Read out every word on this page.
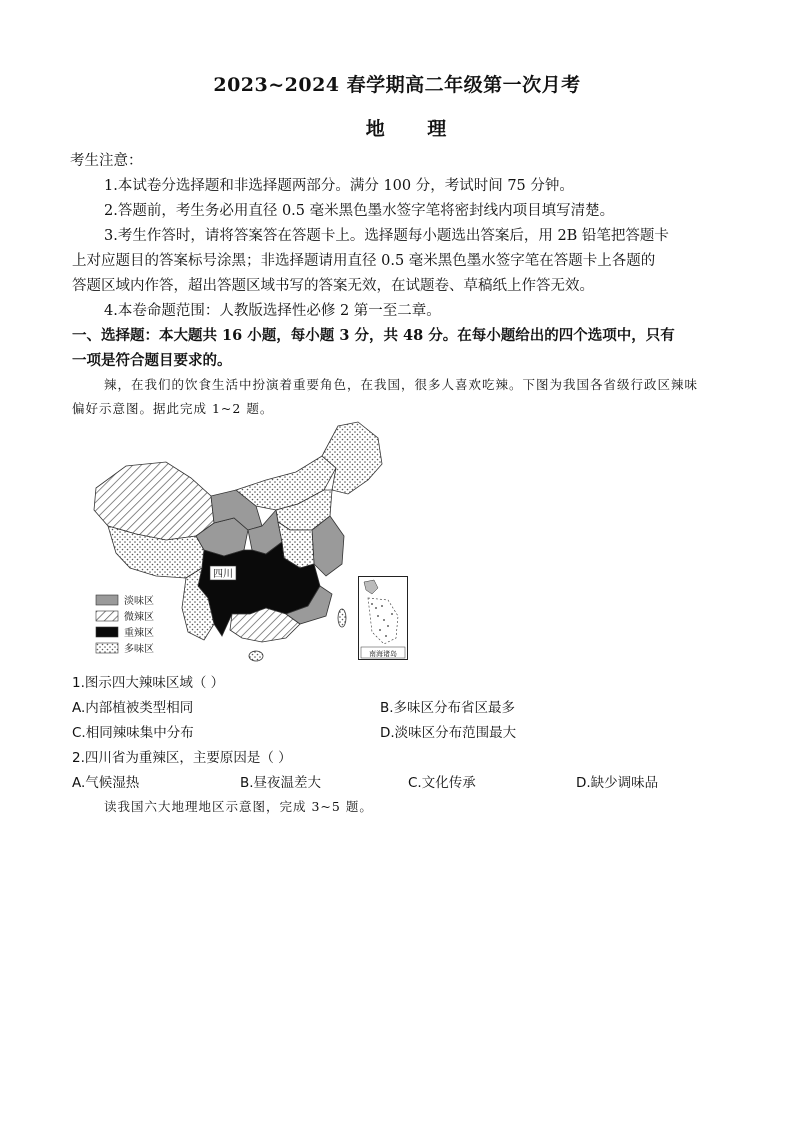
2023~2024 春学期高二年级第一次月考
地 理
考生注意：
1.本试卷分选择题和非选择题两部分。满分 100 分，考试时间 75 分钟。
2.答题前，考生务必用直径 0.5 毫米黑色墨水签字笔将密封线内项目填写清楚。
3.考生作答时，请将答案答在答题卡上。选择题每小题选出答案后，用 2B 铅笔把答题卡
上对应题目的答案标号涂黑；非选择题请用直径 0.5 毫米黑色墨水签字笔在答题卡上各题的
答题区域内作答，超出答题区域书写的答案无效，在试题卷、草稿纸上作答无效。
4.本卷命题范围：人教版选择性必修 2 第一至二章。
一、选择题：本大题共 16 小题，每小题 3 分，共 48 分。在每小题给出的四个选项中，只有
一项是符合题目要求的。
辣，在我们的饮食生活中扮演着重要角色，在我国，很多人喜欢吃辣。下图为我国各省级行政区辣味
偏好示意图。据此完成 1~2 题。
四川
淡味区
微辣区
重辣区
多味区	南海诸岛
1.图示四大辣味区域（ ）
A.内部植被类型相同	B.多味区分布省区最多
C.相同辣味集中分布	D.淡味区分布范围最大
2.四川省为重辣区，主要原因是（ ）
A.气候湿热	B.昼夜温差大	C.文化传承	D.缺少调味品
读我国六大地理地区示意图，完成 3~5 题。
